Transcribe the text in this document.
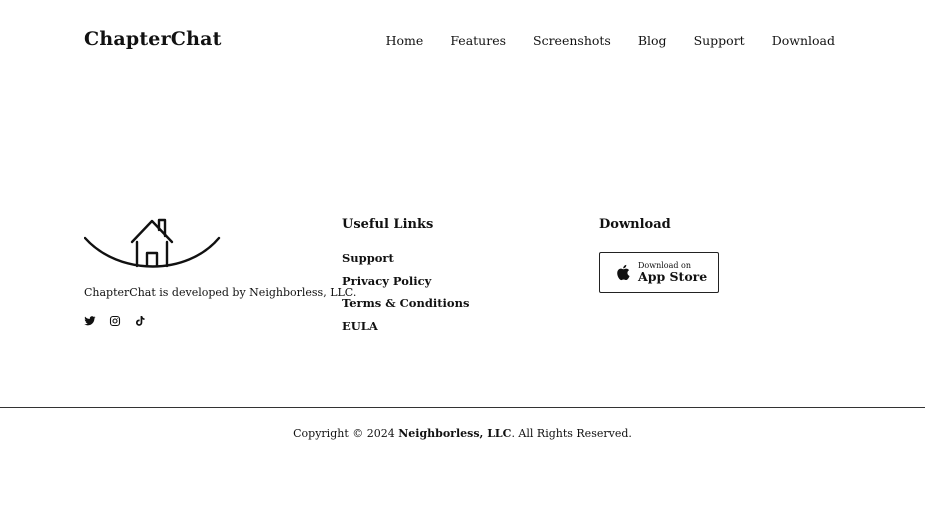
ChapterChat	Home Features Screenshots Blog Support Download
ChapterChat is developed by Neighborless, LLC.
Useful Links
Support
Privacy Policy
Terms & Conditions
EULA
Download
Download on
App Store
Copyright © 2024 Neighborless, LLC. All Rights Reserved.
